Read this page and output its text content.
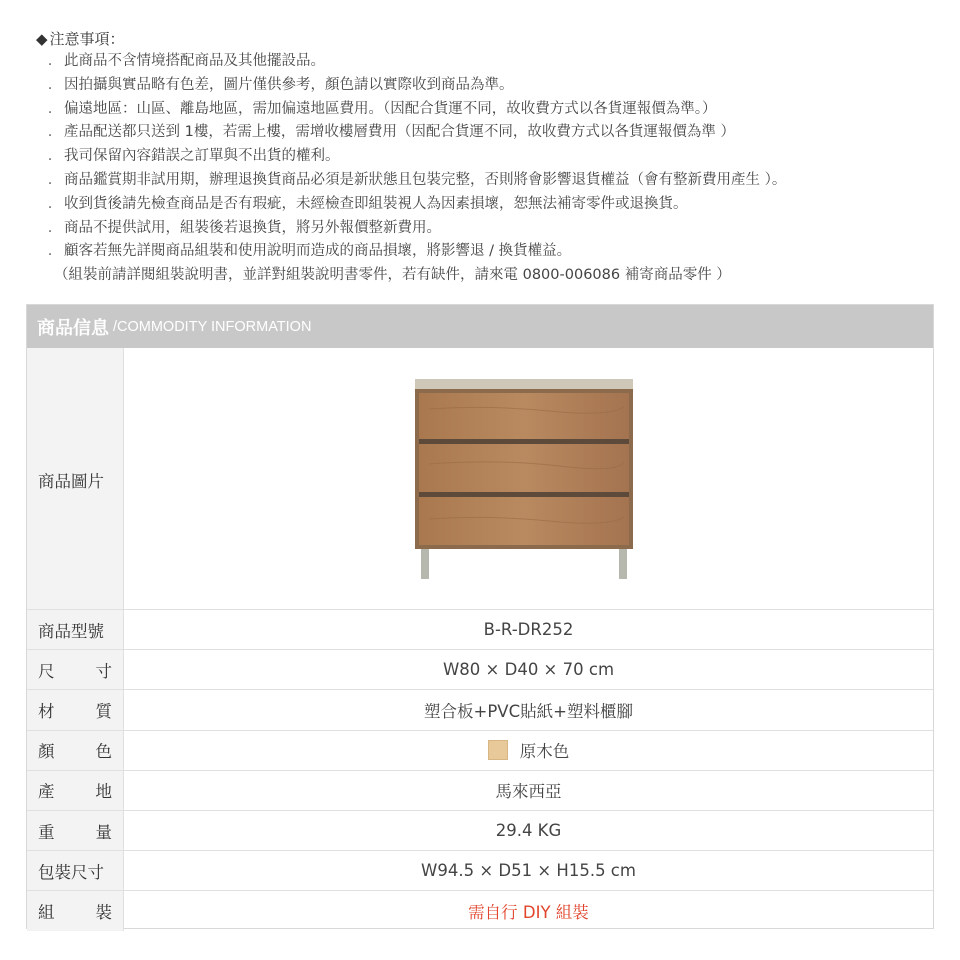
◆ 注意事項：
. 此商品不含情境搭配商品及其他擺設品。
. 因拍攝與實品略有色差，圖片僅供參考，顏色請以實際收到商品為準。
. 偏遠地區：山區、離島地區，需加偏遠地區費用。（因配合貨運不同，故收費方式以各貨運報價為準。）
. 產品配送都只送到 1樓，若需上樓，需增收樓層費用（因配合貨運不同，故收費方式以各貨運報價為準 ）
. 我司保留內容錯誤之訂單與不出貨的權利。
. 商品鑑賞期非試用期，辦理退換貨商品必須是新狀態且包裝完整，否則將會影響退貨權益（會有整新費用產生 ）。
. 收到貨後請先檢查商品是否有瑕疵，未經檢查即組裝視人為因素損壞，恕無法補寄零件或退換貨。
. 商品不提供試用，組裝後若退換貨，將另外報價整新費用。
. 顧客若無先詳閱商品組裝和使用說明而造成的商品損壞，將影響退 / 換貨權益。
（組裝前請詳閱組裝說明書，並詳對組裝說明書零件，若有缺件，請來電 0800-006086 補寄商品零件 ）
商品信息 /COMMODITY INFORMATION
商品圖片
商品型號	B-R-DR252
尺 寸	W80 × D40 × 70 cm
材 質	塑合板+PVC貼紙+塑料櫃腳
顏 色	原木色
產 地	馬來西亞
重 量	29.4 KG
包裝尺寸	W94.5 × D51 × H15.5 cm
組 裝	需自行 DIY 組裝
